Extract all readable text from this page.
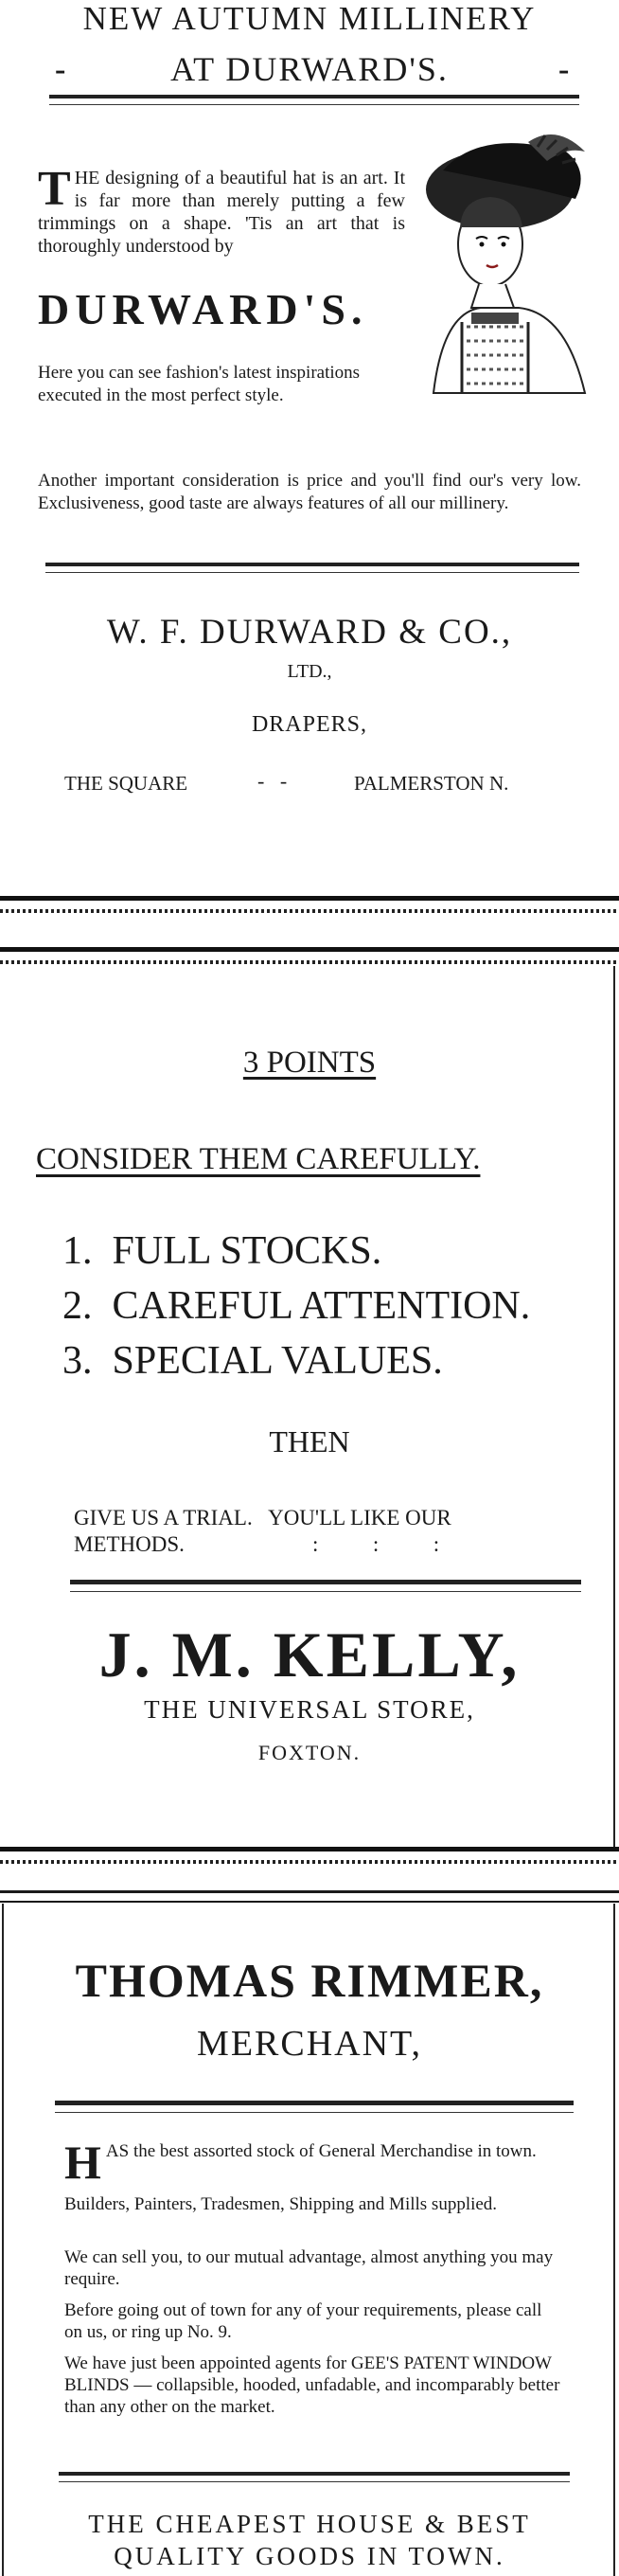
NEW AUTUMN MILLINERY
-	AT DURWARD'S.	-
THE designing of a beautiful hat is an art. It is far more than merely putting a few trimmings on a shape. 'Tis an art that is thoroughly understood by
DURWARD'S.

Here you can see fashion's latest inspirations executed in the most perfect style.

Another important consideration is price and you'll find our's very low. Exclusiveness, good taste are always features of all our millinery.

W. F. DURWARD & CO.,
LTD.,
DRAPERS,
THE SQUARE	-   -	PALMERSTON N.
3 POINTS
CONSIDER THEM CAREFULLY.
1.  FULL STOCKS.
2.  CAREFUL ATTENTION.
3.  SPECIAL VALUES.
THEN
GIVE US A TRIAL.   YOU'LL LIKE OUR
METHODS.	:          :          :
J. M. KELLY,
THE UNIVERSAL STORE,
FOXTON.
THOMAS RIMMER,
MERCHANT,
HAS the best assorted stock of General Merchandise in town.

Builders, Painters, Tradesmen, Shipping and Mills supplied.

We can sell you, to our mutual advantage, almost anything you may require.

Before going out of town for any of your requirements, please call on us, or ring up No. 9.

We have just been appointed agents for GEE'S PATENT WINDOW BLINDS — collapsible, hooded, unfadable, and incomparably better than any other on the market.

THE CHEAPEST HOUSE & BEST
QUALITY GOODS IN TOWN.
